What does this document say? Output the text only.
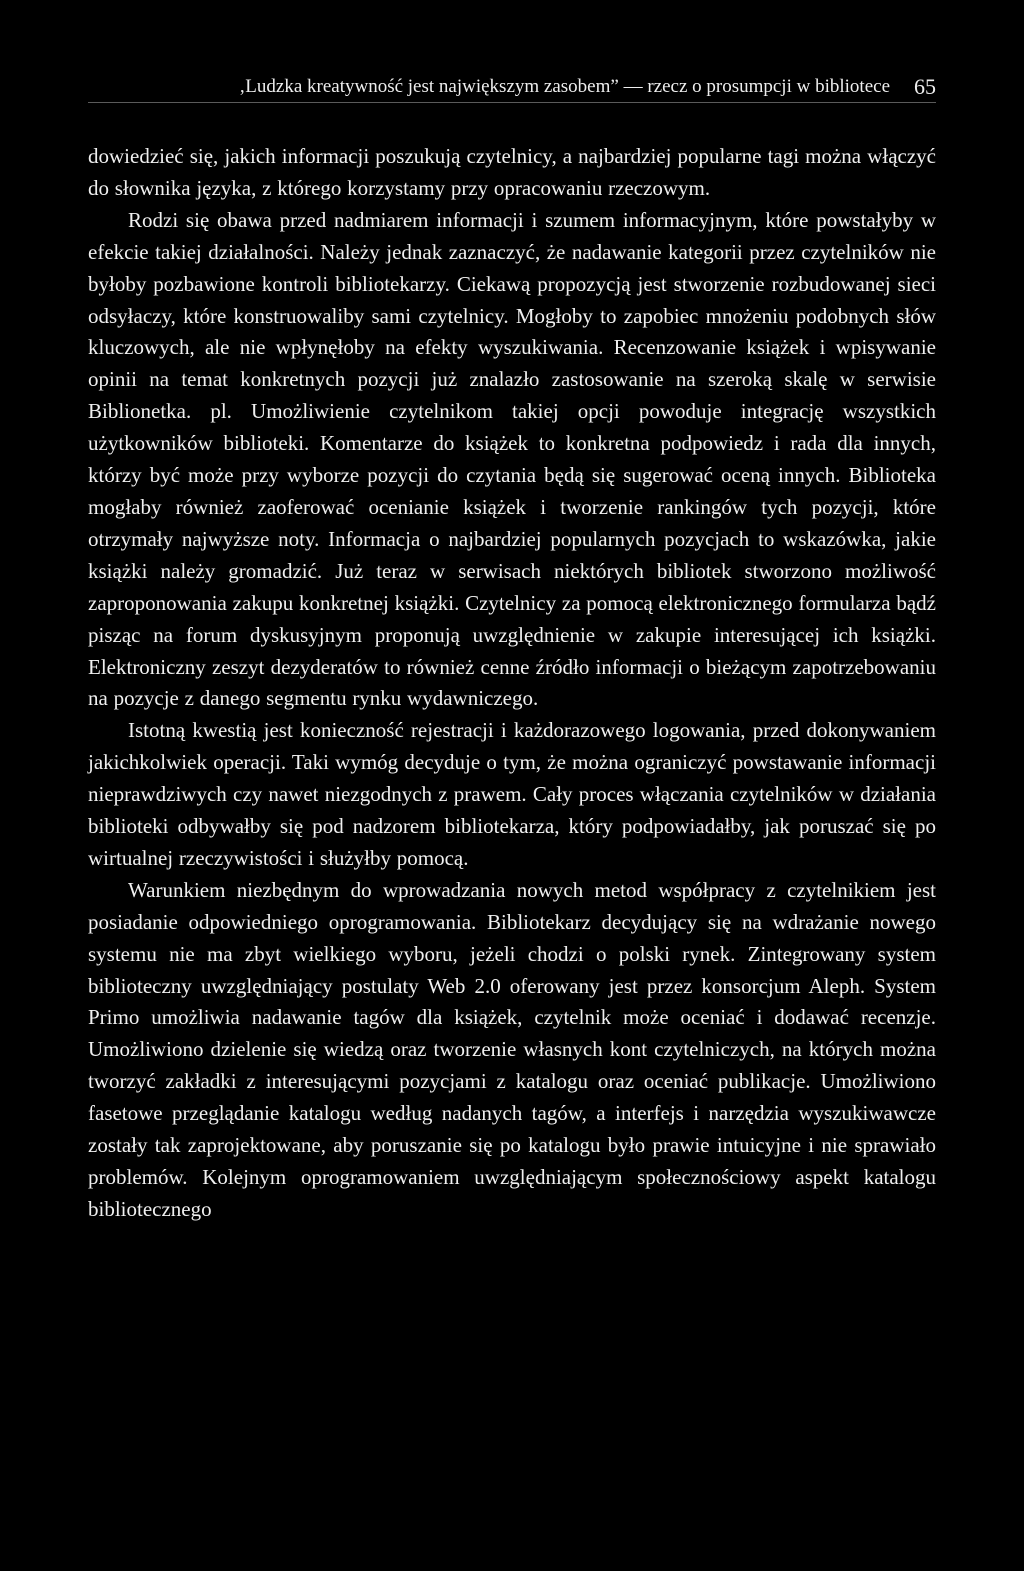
‚Ludzka kreatywność jest największym zasobem” — rzecz o prosumpcji w bibliotece 65

dowiedzieć się, jakich informacji poszukują czytelnicy, a najbardziej popularne tagi można włączyć do słownika języka, z którego korzystamy przy opracowaniu rzeczowym.

Rodzi się obawa przed nadmiarem informacji i szumem informacyjnym, które powstałyby w efekcie takiej działalności. Należy jednak zaznaczyć, że nadawanie kategorii przez czytelników nie byłoby pozbawione kontroli bibliotekarzy. Ciekawą propozycją jest stworzenie rozbudowanej sieci odsyłaczy, które konstruowaliby sami czytelnicy. Mogłoby to zapobiec mnożeniu podobnych słów kluczowych, ale nie wpłynęłoby na efekty wyszukiwania. Recenzowanie książek i wpisywanie opinii na temat konkretnych pozycji już znalazło zastosowanie na szeroką skalę w serwisie Biblionetka. pl. Umożliwienie czytelnikom takiej opcji powoduje integrację wszystkich użytkowników biblioteki. Komentarze do książek to konkretna podpowiedz i rada dla innych, którzy być może przy wyborze pozycji do czytania będą się sugerować oceną innych. Biblioteka mogłaby również zaoferować ocenianie książek i tworzenie rankingów tych pozycji, które otrzymały najwyższe noty. Informacja o najbardziej popularnych pozycjach to wskazówka, jakie książki należy gromadzić. Już teraz w serwisach niektórych bibliotek stworzono możliwość zaproponowania zakupu konkretnej książki. Czytelnicy za pomocą elektronicznego formularza bądź pisząc na forum dyskusyjnym proponują uwzględnienie w zakupie interesującej ich książki. Elektroniczny zeszyt dezyderatów to również cenne źródło informacji o bieżącym zapotrzebowaniu na pozycje z danego segmentu rynku wydawniczego.

Istotną kwestią jest konieczność rejestracji i każdorazowego logowania, przed dokonywaniem jakichkolwiek operacji. Taki wymóg decyduje o tym, że można ograniczyć powstawanie informacji nieprawdziwych czy nawet niezgodnych z prawem. Cały proces włączania czytelników w działania biblioteki odbywałby się pod nadzorem bibliotekarza, który podpowiadałby, jak poruszać się po wirtualnej rzeczywistości i służyłby pomocą.

Warunkiem niezbędnym do wprowadzania nowych metod współpracy z czytelnikiem jest posiadanie odpowiedniego oprogramowania. Bibliotekarz decydujący się na wdrażanie nowego systemu nie ma zbyt wielkiego wyboru, jeżeli chodzi o polski rynek. Zintegrowany system biblioteczny uwzględniający postulaty Web 2.0 oferowany jest przez konsorcjum Aleph. System Primo umożliwia nadawanie tagów dla książek, czytelnik może oceniać i dodawać recenzje. Umożliwiono dzielenie się wiedzą oraz tworzenie własnych kont czytelniczych, na których można tworzyć zakładki z interesującymi pozycjami z katalogu oraz oceniać publikacje. Umożliwiono fasetowe przeglądanie katalogu według nadanych tagów, a interfejs i narzędzia wyszukiwawcze zostały tak zaprojektowane, aby poruszanie się po katalogu było prawie intuicyjne i nie sprawiało problemów. Kolejnym oprogramowaniem uwzględniającym społecznościowy aspekt katalogu bibliotecznego
